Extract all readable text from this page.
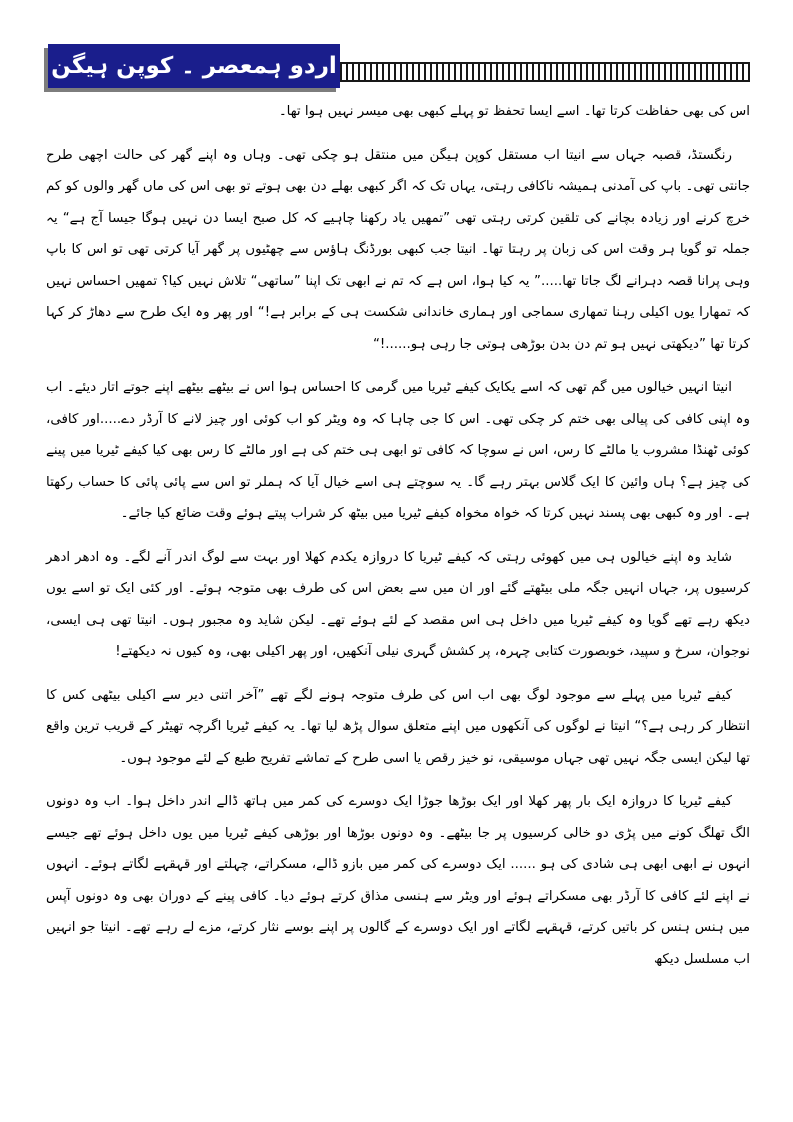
اردو ہمعصر ۔ کوپن ہیگن

اس کی بھی حفاظت کرتا تھا۔ اسے ایسا تحفظ تو پہلے کبھی بھی میسر نہیں ہوا تھا۔

رنگستڈ، قصبہ جہاں سے انیتا اب مستقل کوپن ہیگن میں منتقل ہو چکی تھی۔ وہاں وہ اپنے گھر کی حالت اچھی طرح جانتی تھی۔ باپ کی آمدنی ہمیشہ ناکافی رہتی، یہاں تک کہ اگر کبھی بھلے دن بھی ہوتے تو بھی اس کی ماں گھر والوں کو کم خرچ کرنے اور زیادہ بچانے کی تلقین کرتی رہتی تھی ”تمھیں یاد رکھنا چاہیے کہ کل صبح ایسا دن نہیں ہوگا جیسا آج ہے“ یہ جملہ تو گویا ہر وقت اس کی زبان پر رہتا تھا۔ انیتا جب کبھی بورڈنگ ہاؤس سے چھٹیوں پر گھر آیا کرتی تھی تو اس کا باپ وہی پرانا قصہ دہرانے لگ جاتا تھا.....” یہ کیا ہوا، اس ہے کہ تم نے ابھی تک اپنا ”ساتھی“ تلاش نہیں کیا؟ تمھیں احساس نہیں کہ تمھارا یوں اکیلی رہنا تمھاری سماجی اور ہماری خاندانی شکست ہی کے برابر ہے!“ اور پھر وہ ایک طرح سے دھاڑ کر کہا کرتا تھا ”دیکھتی نہیں ہو تم دن بدن بوڑھی ہوتی جا رہی ہو......!“

انیتا انہیں خیالوں میں گم تھی کہ اسے یکایک کیفے ٹیریا میں گرمی کا احساس ہوا اس نے بیٹھے بیٹھے اپنے جوتے اتار دیئے۔ اب وہ اپنی کافی کی پیالی بھی ختم کر چکی تھی۔ اس کا جی چاہا کہ وہ ویٹر کو اب کوئی اور چیز لانے کا آرڈر دے.....اور کافی، کوئی ٹھنڈا مشروب یا مالٹے کا رس، اس نے سوچا کہ کافی تو ابھی ہی ختم کی ہے اور مالٹے کا رس بھی کیا کیفے ٹیریا میں پینے کی چیز ہے؟ ہاں وائین کا ایک گلاس بہتر رہے گا۔ یہ سوچتے ہی اسے خیال آیا کہ ہملر تو اس سے پائی پائی کا حساب رکھتا ہے۔ اور وہ کبھی بھی پسند نہیں کرتا کہ خواہ مخواہ کیفے ٹیریا میں بیٹھ کر شراب پیتے ہوئے وقت ضائع کیا جائے۔

شاید وہ اپنے خیالوں ہی میں کھوئی رہتی کہ کیفے ٹیریا کا دروازہ یکدم کھلا اور بہت سے لوگ اندر آنے لگے۔ وہ ادھر ادھر کرسیوں پر، جہاں انہیں جگہ ملی بیٹھتے گئے اور ان میں سے بعض اس کی طرف بھی متوجہ ہوئے۔ اور کئی ایک تو اسے یوں دیکھ رہے تھے گویا وہ کیفے ٹیریا میں داخل ہی اس مقصد کے لئے ہوئے تھے۔ لیکن شاید وہ مجبور ہوں۔ انیتا تھی ہی ایسی، نوجوان، سرخ و سپید، خوبصورت کتابی چہرہ، پر کشش گہری نیلی آنکھیں، اور پھر اکیلی بھی، وہ کیوں نہ دیکھتے!

کیفے ٹیریا میں پہلے سے موجود لوگ بھی اب اس کی طرف متوجہ ہونے لگے تھے ”آخر اتنی دیر سے اکیلی بیٹھی کس کا انتظار کر رہی ہے؟“ انیتا نے لوگوں کی آنکھوں میں اپنے متعلق سوال پڑھ لیا تھا۔ یہ کیفے ٹیریا اگرچہ تھیٹر کے قریب ترین واقع تھا لیکن ایسی جگہ نہیں تھی جہاں موسیقی، نو خیز رقص یا اسی طرح کے تماشے تفریح طبع کے لئے موجود ہوں۔

کیفے ٹیریا کا دروازہ ایک بار پھر کھلا اور ایک بوڑھا جوڑا ایک دوسرے کی کمر میں ہاتھ ڈالے اندر داخل ہوا۔ اب وہ دونوں الگ تھلگ کونے میں پڑی دو خالی کرسیوں پر جا بیٹھے۔ وہ دونوں بوڑھا اور بوڑھی کیفے ٹیریا میں یوں داخل ہوئے تھے جیسے انہوں نے ابھی ابھی ہی شادی کی ہو ...... ایک دوسرے کی کمر میں بازو ڈالے، مسکراتے، چہلتے اور قہقہے لگاتے ہوئے۔ انہوں نے اپنے لئے کافی کا آرڈر بھی مسکراتے ہوئے اور ویٹر سے ہنسی مذاق کرتے ہوئے دیا۔ کافی پینے کے دوران بھی وہ دونوں آپس میں ہنس ہنس کر باتیں کرتے، قہقہے لگاتے اور ایک دوسرے کے گالوں پر اپنے بوسے نثار کرتے، مزے لے رہے تھے۔ انیتا جو انہیں اب مسلسل دیکھ
